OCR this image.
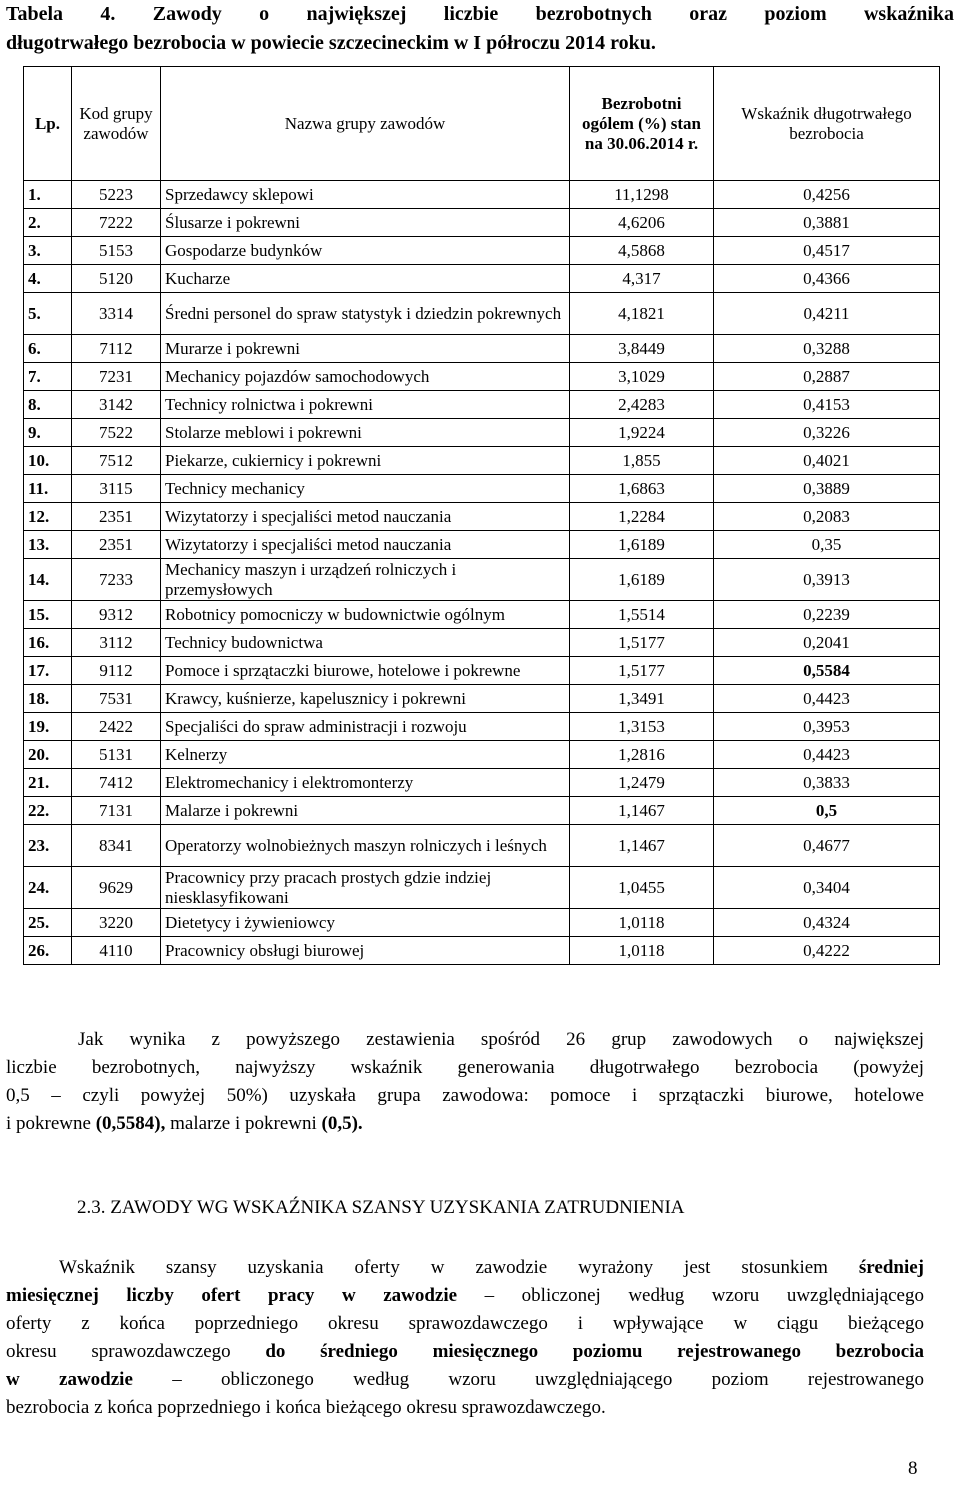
Tabela 4. Zawody o największej liczbie bezrobotnych oraz poziom wskaźnika
długotrwałego bezrobocia w powiecie szczecineckim w I półroczu 2014 roku.
Lp.	Kod grupy zawodów	Nazwa grupy zawodów	Bezrobotni ogólem (%) stan na 30.06.2014 r.	Wskaźnik długotrwałego bezrobocia
1.	5223	Sprzedawcy sklepowi	11,1298	0,4256
2.	7222	Ślusarze i pokrewni	4,6206	0,3881
3.	5153	Gospodarze budynków	4,5868	0,4517
4.	5120	Kucharze	4,317	0,4366
5.	3314	Średni personel do spraw statystyk i dziedzin pokrewnych	4,1821	0,4211
6.	7112	Murarze i pokrewni	3,8449	0,3288
7.	7231	Mechanicy pojazdów samochodowych	3,1029	0,2887
8.	3142	Technicy rolnictwa i pokrewni	2,4283	0,4153
9.	7522	Stolarze meblowi i pokrewni	1,9224	0,3226
10.	7512	Piekarze, cukiernicy i pokrewni	1,855	0,4021
11.	3115	Technicy mechanicy	1,6863	0,3889
12.	2351	Wizytatorzy i specjaliści metod nauczania	1,2284	0,2083
13.	2351	Wizytatorzy i specjaliści metod nauczania	1,6189	0,35
14.	7233	Mechanicy maszyn i urządzeń rolniczych i przemysłowych	1,6189	0,3913
15.	9312	Robotnicy pomocniczy w budownictwie ogólnym	1,5514	0,2239
16.	3112	Technicy budownictwa	1,5177	0,2041
17.	9112	Pomoce i sprzątaczki biurowe, hotelowe i pokrewne	1,5177	0,5584
18.	7531	Krawcy, kuśnierze, kapelusznicy i pokrewni	1,3491	0,4423
19.	2422	Specjaliści do spraw administracji i rozwoju	1,3153	0,3953
20.	5131	Kelnerzy	1,2816	0,4423
21.	7412	Elektromechanicy i elektromonterzy	1,2479	0,3833
22.	7131	Malarze i pokrewni	1,1467	0,5
23.	8341	Operatorzy wolnobieżnych maszyn rolniczych i leśnych	1,1467	0,4677
24.	9629	Pracownicy przy pracach prostych gdzie indziej niesklasyfikowani	1,0455	0,3404
25.	3220	Dietetycy i żywieniowcy	1,0118	0,4324
26.	4110	Pracownicy obsługi biurowej	1,0118	0,4222
Jak wynika z powyższego zestawienia spośród 26 grup zawodowych o największej
liczbie bezrobotnych, najwyższy wskaźnik generowania długotrwałego bezrobocia (powyżej
0,5 – czyli powyżej 50%) uzyskała grupa zawodowa: pomoce i sprzątaczki biurowe, hotelowe
i pokrewne (0,5584), malarze i pokrewni (0,5).
2.3. ZAWODY WG WSKAŹNIKA SZANSY UZYSKANIA ZATRUDNIENIA
Wskaźnik szansy uzyskania oferty w zawodzie wyrażony jest stosunkiem średniej
miesięcznej liczby ofert pracy w zawodzie – obliczonej według wzoru uwzględniającego
oferty z końca poprzedniego okresu sprawozdawczego i wpływające w ciągu bieżącego
okresu sprawozdawczego do średniego miesięcznego poziomu rejestrowanego bezrobocia
w zawodzie – obliczonego według wzoru uwzględniającego poziom rejestrowanego
bezrobocia z końca poprzedniego i końca bieżącego okresu sprawozdawczego.
8
